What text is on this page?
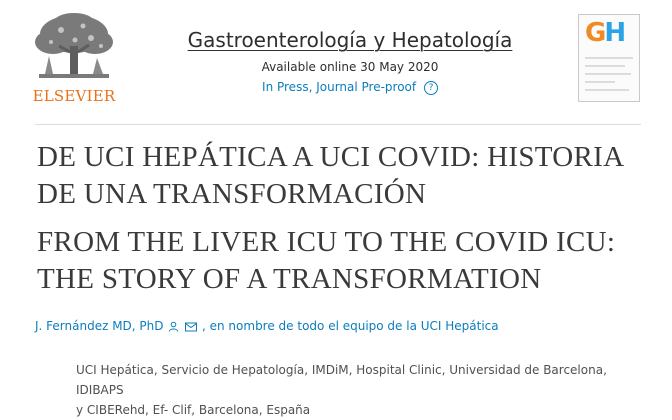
ELSEVIER
Gastroenterología y Hepatología
Available online 30 May 2020
In Press, Journal Pre-proof ?
GH
DE UCI HEPÁTICA A UCI COVID: HISTORIA
DE UNA TRANSFORMACIÓN
FROM THE LIVER ICU TO THE COVID ICU:
THE STORY OF A TRANSFORMATION
J. Fernández MD, PhD	, en nombre de todo el equipo de la UCI Hepática
UCI Hepática, Servicio de Hepatología, IMDiM, Hospital Clinic, Universidad de Barcelona, IDIBAPS
y CIBERehd, Ef- Clif, Barcelona, España
